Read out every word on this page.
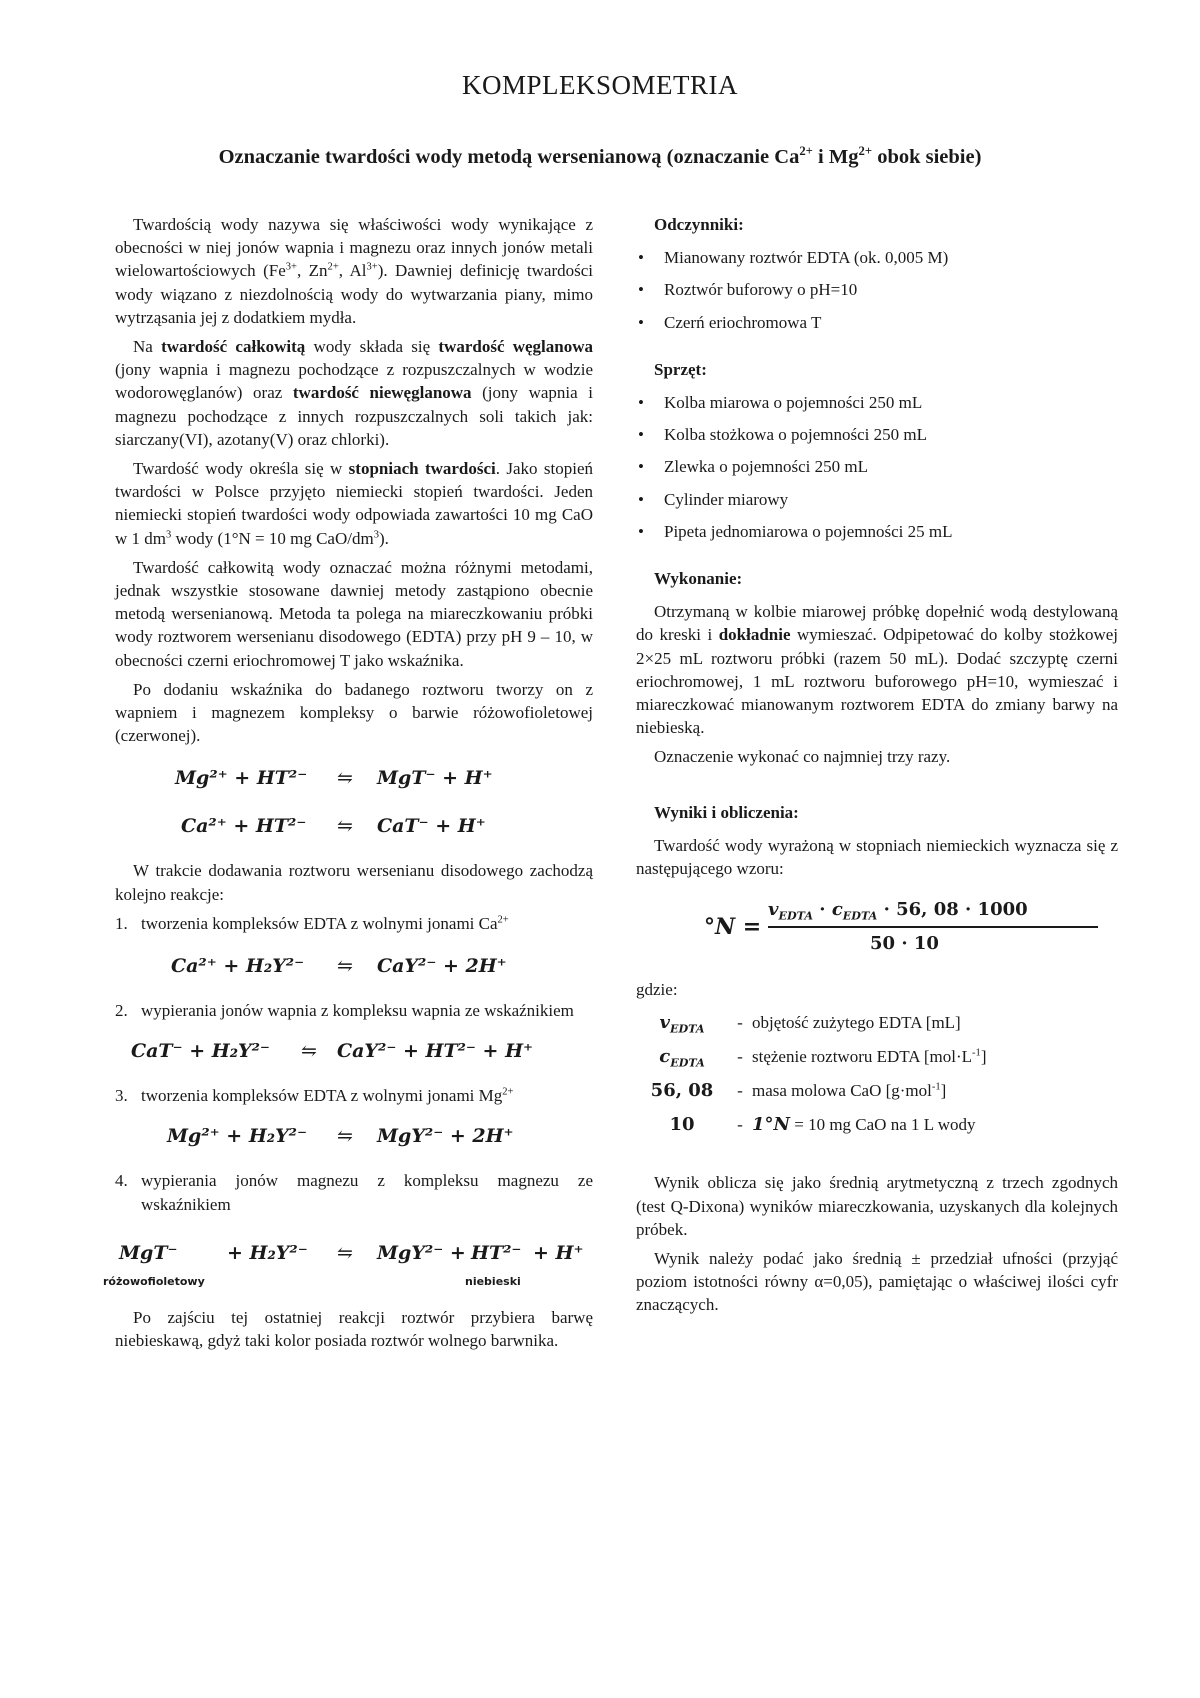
KOMPLEKSOMETRIA
Oznaczanie twardości wody metodą wersenianową (oznaczanie $Ca^{2+}$ i $Mg^{2+}$ obok siebie)

Twardością wody nazywa się właściwości wody wynikające z obecności w niej jonów wapnia i magnezu oraz innych jonów metali wielowartościowych ($Fe^{3+}$, $Zn^{2+}$, $Al^{3+}$). Dawniej definicję twardości wody wiązano z niezdolnością wody do wytwarzania piany, mimo wytrząsania jej z dodatkiem mydła.

Na twardość całkowitą wody składa się twardość węglanowa (jony wapnia i magnezu pochodzące z rozpuszczalnych w wodzie wodorowęglanów) oraz twardość niewęglanowa (jony wapnia i magnezu pochodzące z innych rozpuszczalnych soli takich jak: siarczany(VI), azotany(V) oraz chlorki).

Twardość wody określa się w stopniach twardości. Jako stopień twardości w Polsce przyjęto niemiecki stopień twardości. Jeden niemiecki stopień twardości wody odpowiada zawartości 10 mg CaO w 1 $dm^3$ wody (1°N = 10 mg CaO/$dm^3$).

Twardość całkowitą wody oznaczać można różnymi metodami, jednak wszystkie stosowane dawniej metody zastąpiono obecnie metodą wersenianową. Metoda ta polega na miareczkowaniu próbki wody roztworem wersenianu disodowego (EDTA) przy pH 9 – 10, w obecności czerni eriochromowej T jako wskaźnika.

Po dodaniu wskaźnika do badanego roztworu tworzy on z wapniem i magnezem kompleksy o barwie różowofioletowej (czerwonej).

Mg²⁺ + HT²⁻ ⇋ MgT⁻ + H⁺
Ca²⁺ + HT²⁻ ⇋ CaT⁻ + H⁺

W trakcie dodawania roztworu wersenianu disodowego zachodzą kolejno reakcje:

1. tworzenia kompleksów EDTA z wolnymi jonami $Ca^{2+}$
Ca²⁺ + H₂Y²⁻ ⇋ CaY²⁻ + 2H⁺
2. wypierania jonów wapnia z kompleksu wapnia ze wskaźnikiem
CaT⁻ + H₂Y²⁻ ⇋ CaY²⁻ + HT²⁻ + H⁺
3. tworzenia kompleksów EDTA z wolnymi jonami $Mg^{2+}$
Mg²⁺ + H₂Y²⁻ ⇋ MgY²⁻ + 2H⁺
4. wypierania jonów magnezu z kompleksu magnezu ze wskaźnikiem
MgT⁻	+ H₂Y²⁻ ⇋ MgY²⁻ + HT²⁻ + H⁺
różowofioletowy	niebieski

Po zajściu tej ostatniej reakcji roztwór przybiera barwę niebieskawą, gdyż taki kolor posiada roztwór wolnego barwnika.

Odczynniki:
• Mianowany roztwór EDTA (ok. 0,005 M)
• Roztwór buforowy o pH=10
• Czerń eriochromowa T
Sprzęt:
• Kolba miarowa o pojemności 250 mL
• Kolba stożkowa o pojemności 250 mL
• Zlewka o pojemności 250 mL
• Cylinder miarowy
• Pipeta jednomiarowa o pojemności 25 mL
Wykonanie:

Otrzymaną w kolbie miarowej próbkę dopełnić wodą destylowaną do kreski i dokładnie wymieszać. Odpipetować do kolby stożkowej 2×25 mL roztworu próbki (razem 50 mL). Dodać szczyptę czerni eriochromowej, 1 mL roztworu buforowego pH=10, wymieszać i miareczkować mianowanym roztworem EDTA do zmiany barwy na niebieską.

Oznaczenie wykonać co najmniej trzy razy.

Wyniki i obliczenia:

Twardość wody wyrażoną w stopniach niemieckich wyznacza się z następującego wzoru:

°N =
$v_{EDTA} \cdot c_{EDTA} \cdot 56$, 08 · 1000
50 · 10
gdzie:
$v_{EDTA}$	- objętość zużytego EDTA [mL]
$c_{EDTA}$	- stężenie roztworu EDTA $[mol\cdot L^{-1}]$
56, 08	- masa molowa CaO [g·mol$^{-1}$]
10	- 1°N = 10 mg CaO na 1 L wody

Wynik oblicza się jako średnią arytmetyczną z trzech zgodnych (test Q-Dixona) wyników miareczkowania, uzyskanych dla kolejnych próbek.

Wynik należy podać jako średnią ± przedział ufności (przyjąć poziom istotności równy α=0,05), pamiętając o właściwej ilości cyfr znaczących.
